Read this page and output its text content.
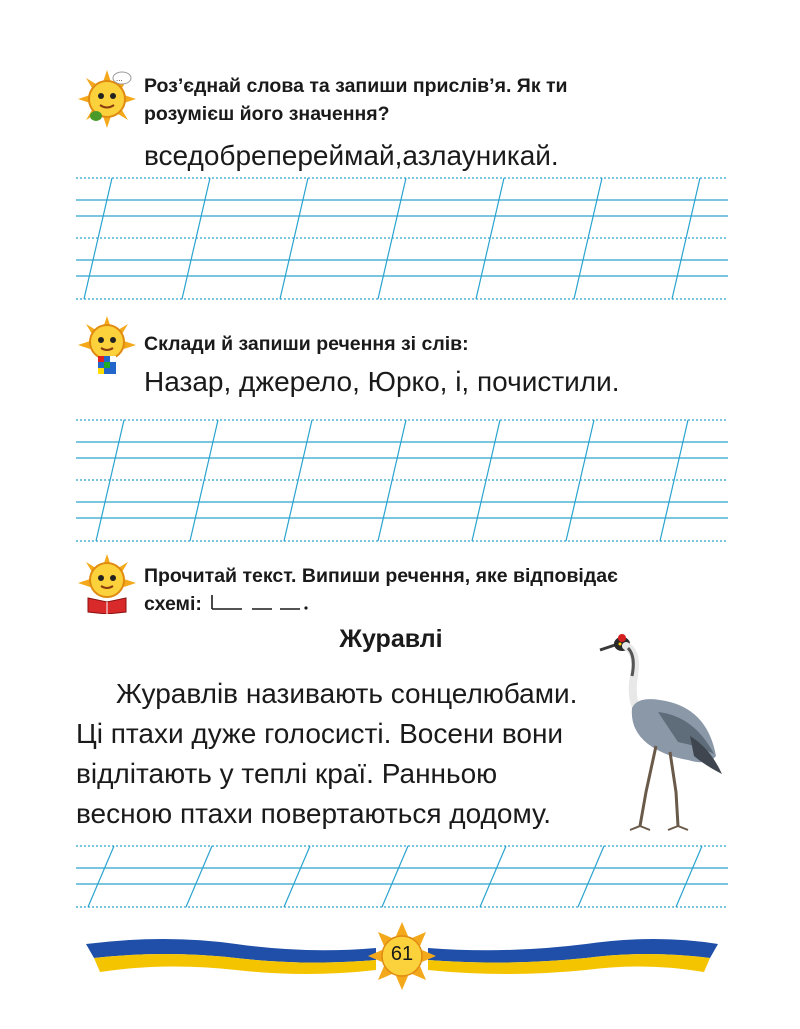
... Роз’єднай слова та запиши прислів’я. Як ти
розумієш його значення?
вседобрепереймай,азлауникай.
Склади й запиши речення зі слів:
Назар, джерело, Юрко, і, почистили.
Прочитай текст. Випиши речення, яке відповідає
схемі:
Журавлі
Журавлів називають сонцелюбами.
Ці птахи дуже голосисті. Восени вони
відлітають у теплі краї. Ранньою
весною птахи повертаються додому.
61
